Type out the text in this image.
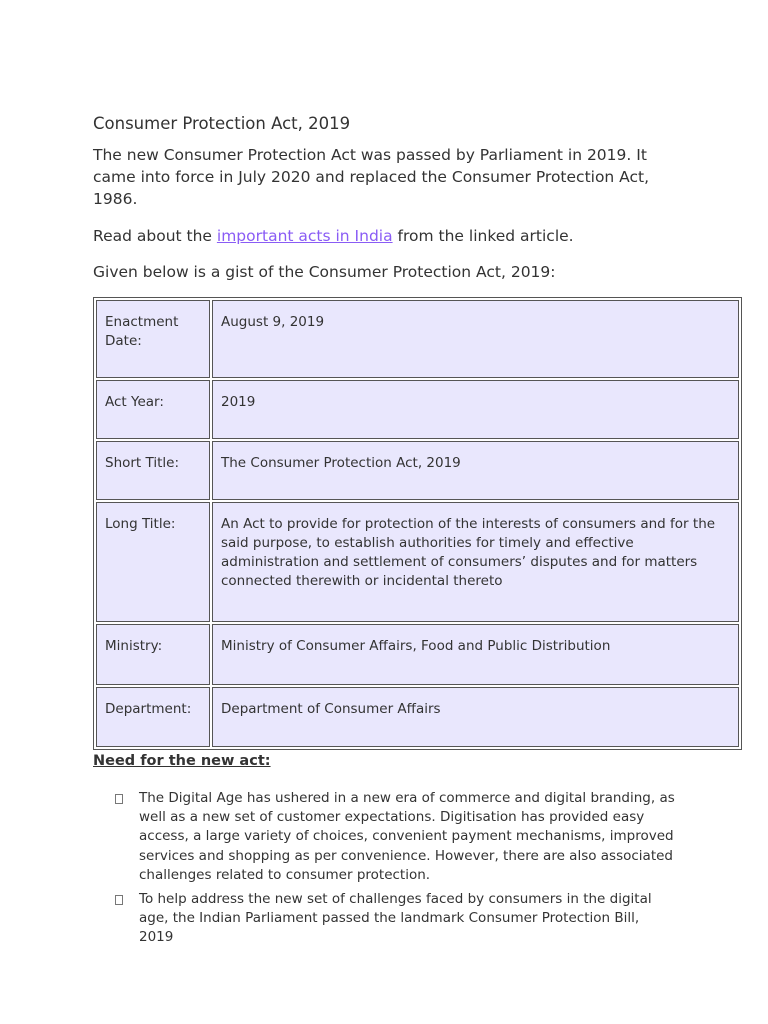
Consumer Protection Act, 2019

The new Consumer Protection Act was passed by Parliament in 2019. It came into force in July 2020 and replaced the Consumer Protection Act, 1986.

Read about the important acts in India from the linked article.

Given below is a gist of the Consumer Protection Act, 2019:

Enactment Date:	August 9, 2019
Act Year:	2019
Short Title:	The Consumer Protection Act, 2019
Long Title:	An Act to provide for protection of the interests of consumers and for the said purpose, to establish authorities for timely and effective administration and settlement of consumers’ disputes and for matters connected therewith or incidental thereto
Ministry:	Ministry of Consumer Affairs, Food and Public Distribution
Department:	Department of Consumer Affairs
Need for the new act:
The Digital Age has ushered in a new era of commerce and digital branding, as well as a new set of customer expectations. Digitisation has provided easy access, a large variety of choices, convenient payment mechanisms, improved services and shopping as per convenience. However, there are also associated challenges related to consumer protection.
To help address the new set of challenges faced by consumers in the digital age, the Indian Parliament passed the landmark Consumer Protection Bill, 2019
